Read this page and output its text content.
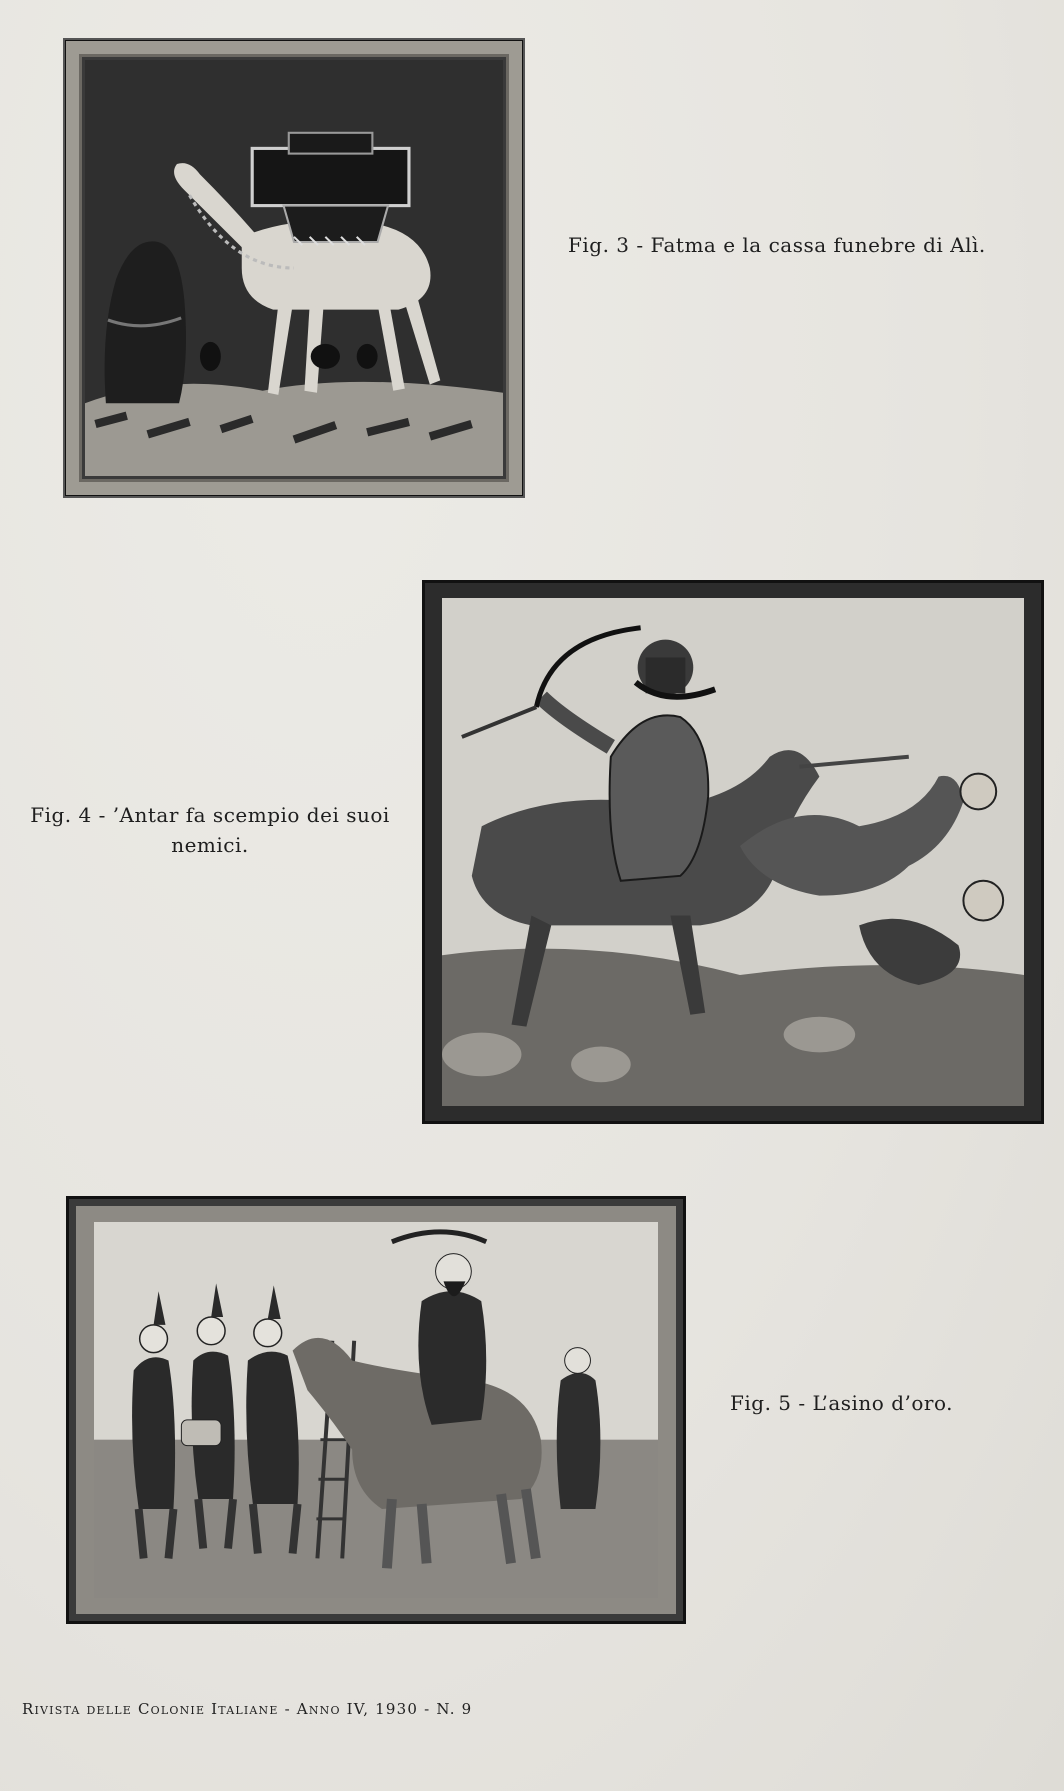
Fig. 3 - Fatma e la cassa funebre di Alì.
Fig. 4 - ’Antar fa scempio dei suoi
nemici.
Fig. 5 - L’asino d’oro.
Rivista delle Colonie Italiane - Anno IV, 1930 - N. 9
